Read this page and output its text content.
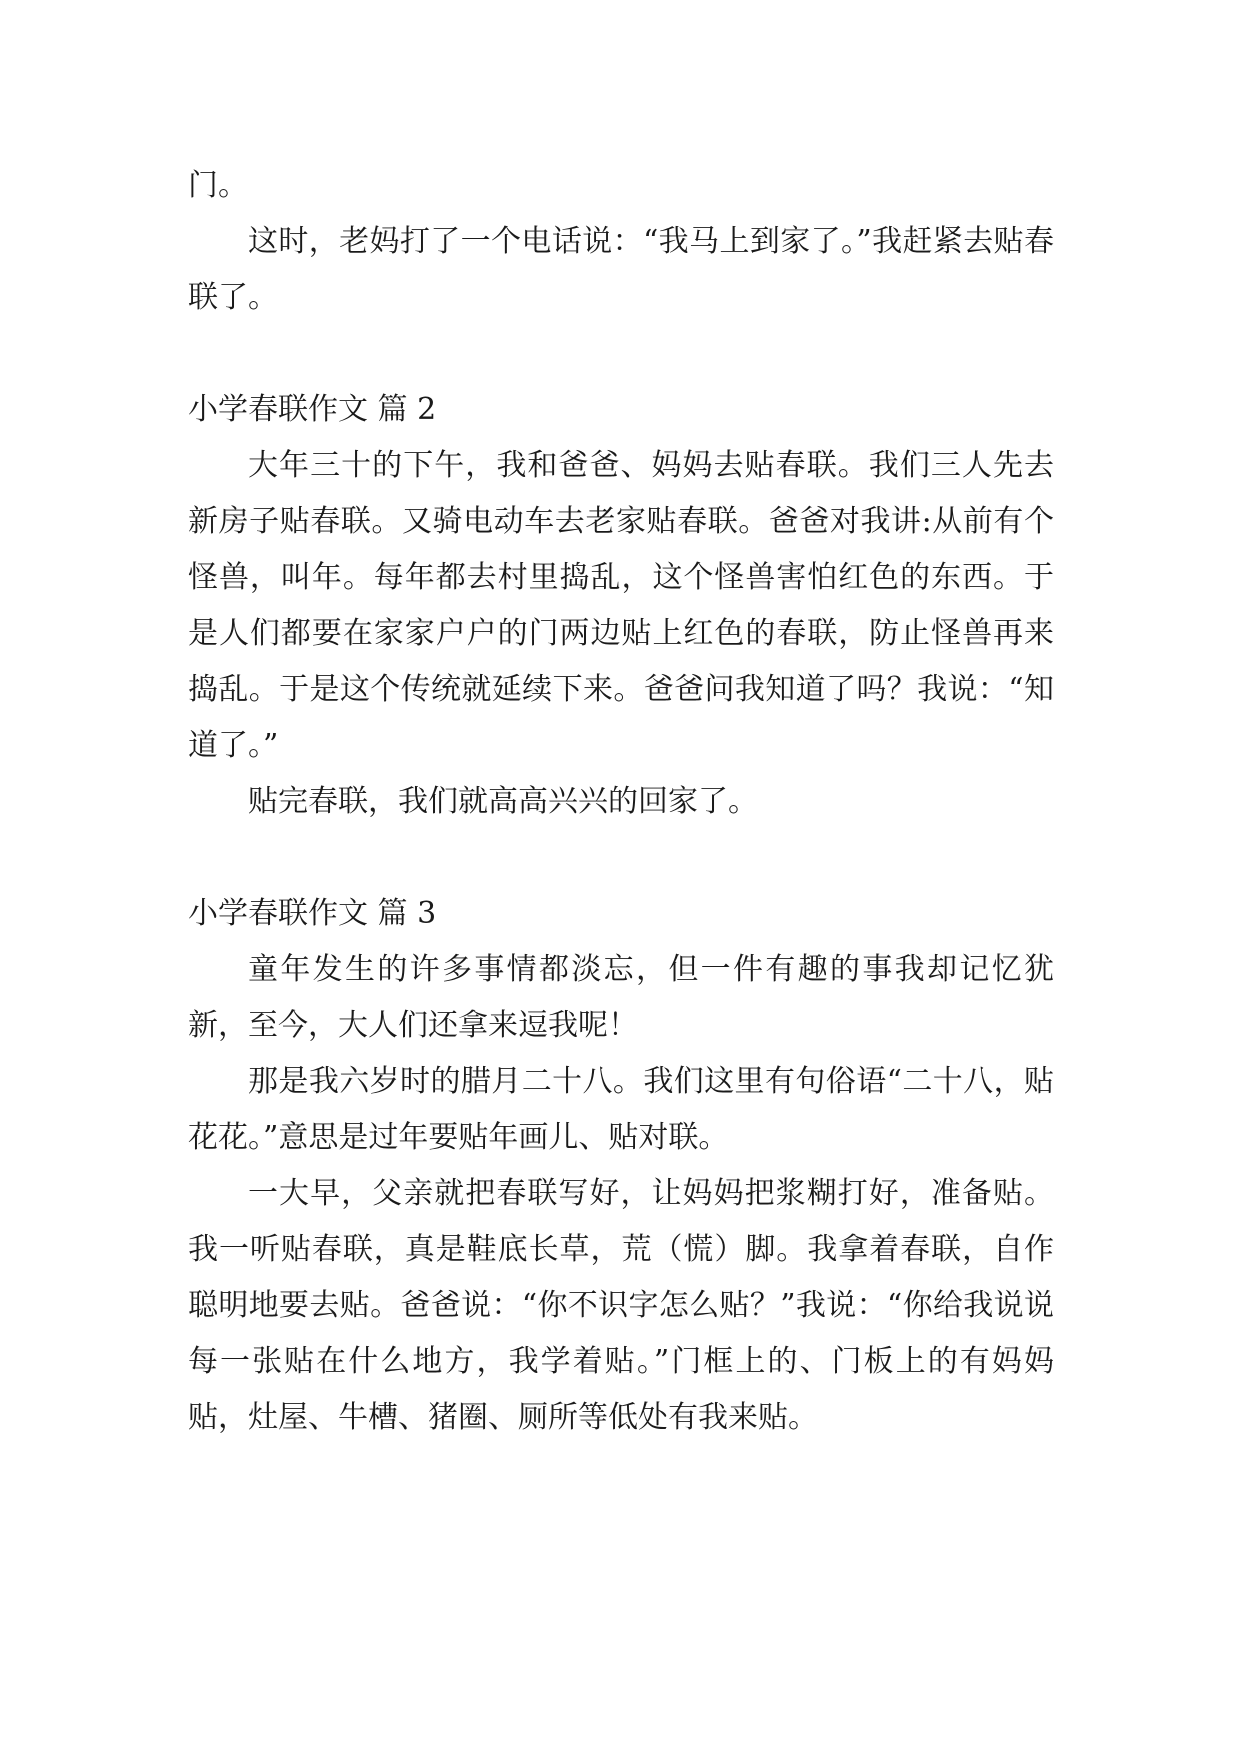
门。

这时，老妈打了一个电话说：“我马上到家了。”我赶紧去贴春联了。

小学春联作文 篇 2

大年三十的下午，我和爸爸、妈妈去贴春联。我们三人先去新房子贴春联。又骑电动车去老家贴春联。爸爸对我讲:从前有个怪兽，叫年。每年都去村里捣乱，这个怪兽害怕红色的东西。于是人们都要在家家户户的门两边贴上红色的春联，防止怪兽再来捣乱。于是这个传统就延续下来。爸爸问我知道了吗？我说：“知道了。”

贴完春联，我们就高高兴兴的回家了。

小学春联作文 篇 3

童年发生的许多事情都淡忘，但一件有趣的事我却记忆犹新，至今，大人们还拿来逗我呢！

那是我六岁时的腊月二十八。我们这里有句俗语“二十八，贴花花。”意思是过年要贴年画儿、贴对联。

一大早，父亲就把春联写好，让妈妈把浆糊打好，准备贴。我一听贴春联，真是鞋底长草，荒（慌）脚。我拿着春联，自作聪明地要去贴。爸爸说：“你不识字怎么贴？”我说：“你给我说说每一张贴在什么地方，我学着贴。”门框上的、门板上的有妈妈贴，灶屋、牛槽、猪圈、厕所等低处有我来贴。
